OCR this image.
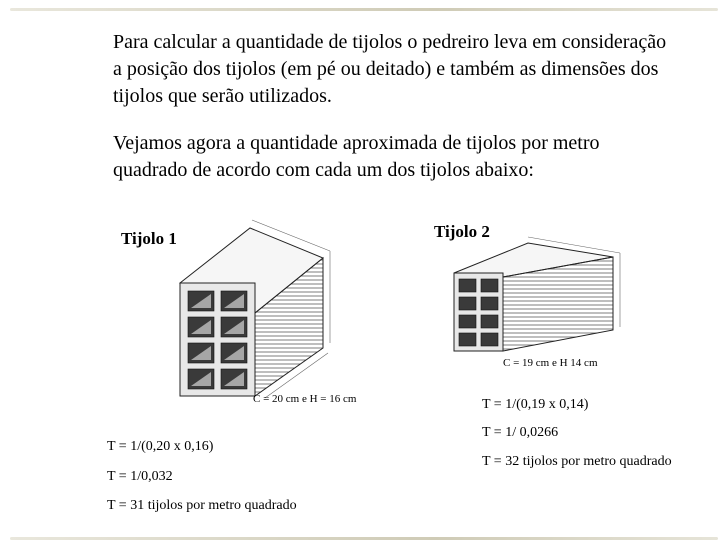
Para calcular a quantidade de tijolos o pedreiro leva em consideração a posição dos tijolos (em pé ou deitado) e também as dimensões dos tijolos que serão utilizados.

Vejamos agora a quantidade aproximada de tijolos por metro quadrado de acordo com cada um dos tijolos abaixo:

Tijolo 1	Tijolo 2
C = 20 cm e H = 16 cm
C = 19 cm e H 14 cm

T = 1/(0,20 x 0,16)

T = 1/0,032

T = 31 tijolos por metro quadrado

T = 1/(0,19 x 0,14)

T = 1/ 0,0266

T = 32 tijolos por metro quadrado
